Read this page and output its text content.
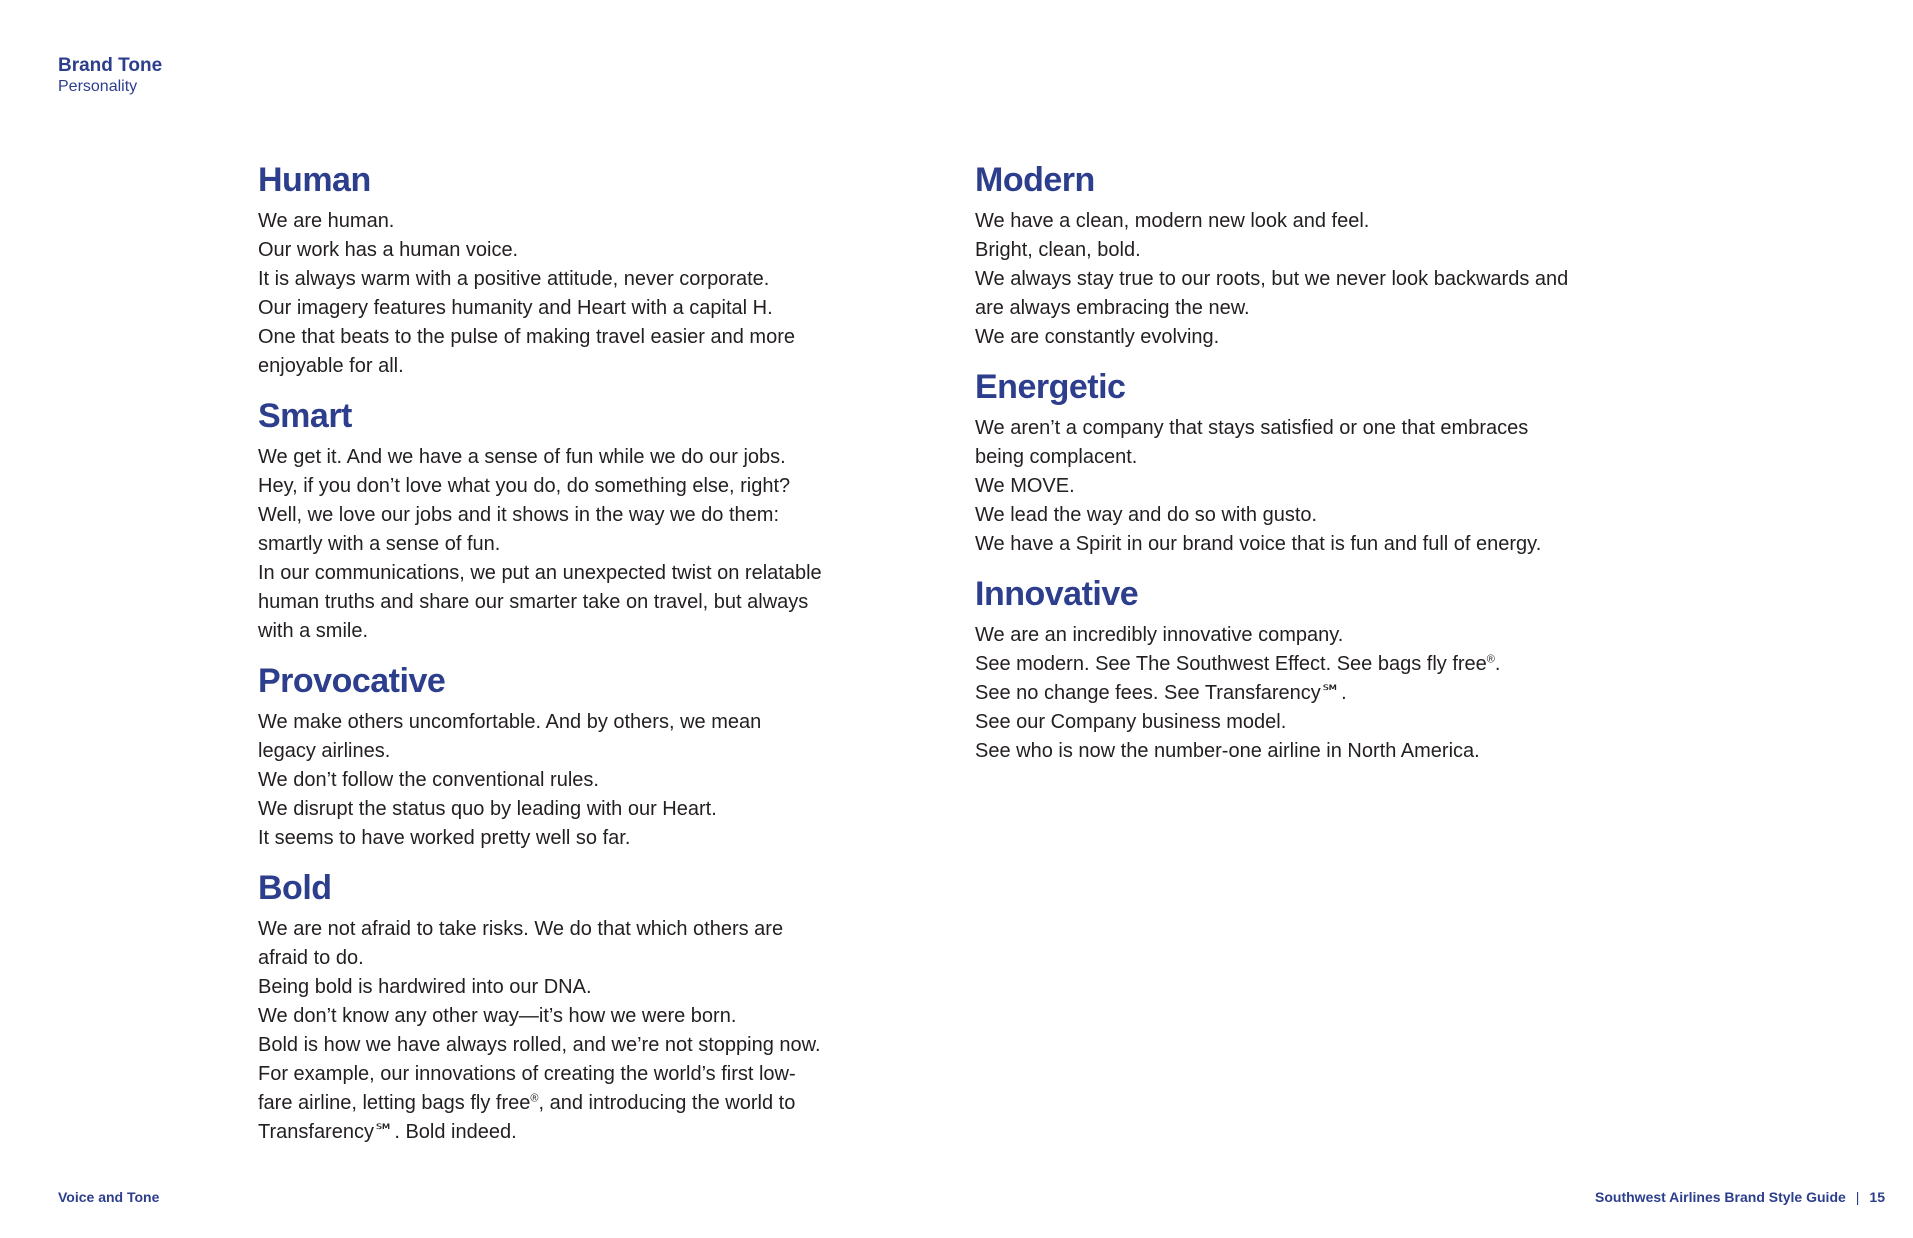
Brand Tone
Personality
Human
We are human.
Our work has a human voice.
It is always warm with a positive attitude, never corporate.
Our imagery features humanity and Heart with a capital H.
One that beats to the pulse of making travel easier and more
enjoyable for all.
Smart
We get it. And we have a sense of fun while we do our jobs.
Hey, if you don’t love what you do, do something else, right?
Well, we love our jobs and it shows in the way we do them:
smartly with a sense of fun.
In our communications, we put an unexpected twist on relatable
human truths and share our smarter take on travel, but always
with a smile.
Provocative
We make others uncomfortable. And by others, we mean
legacy airlines.
We don’t follow the conventional rules.
We disrupt the status quo by leading with our Heart.
It seems to have worked pretty well so far.
Bold
We are not afraid to take risks. We do that which others are
afraid to do.
Being bold is hardwired into our DNA.
We don’t know any other way—it’s how we were born.
Bold is how we have always rolled, and we’re not stopping now.
For example, our innovations of creating the world’s first low-
fare airline, letting bags fly free®, and introducing the world to
Transfarency℠. Bold indeed.
Modern
We have a clean, modern new look and feel.
Bright, clean, bold.
We always stay true to our roots, but we never look backwards and
are always embracing the new.
We are constantly evolving.
Energetic
We aren’t a company that stays satisfied or one that embraces
being complacent.
We MOVE.
We lead the way and do so with gusto.
We have a Spirit in our brand voice that is fun and full of energy.
Innovative
We are an incredibly innovative company.
See modern. See The Southwest Effect. See bags fly free®.
See no change fees. See Transfarency℠.
See our Company business model.
See who is now the number-one airline in North America.
Voice and Tone	Southwest Airlines Brand Style Guide | 15
